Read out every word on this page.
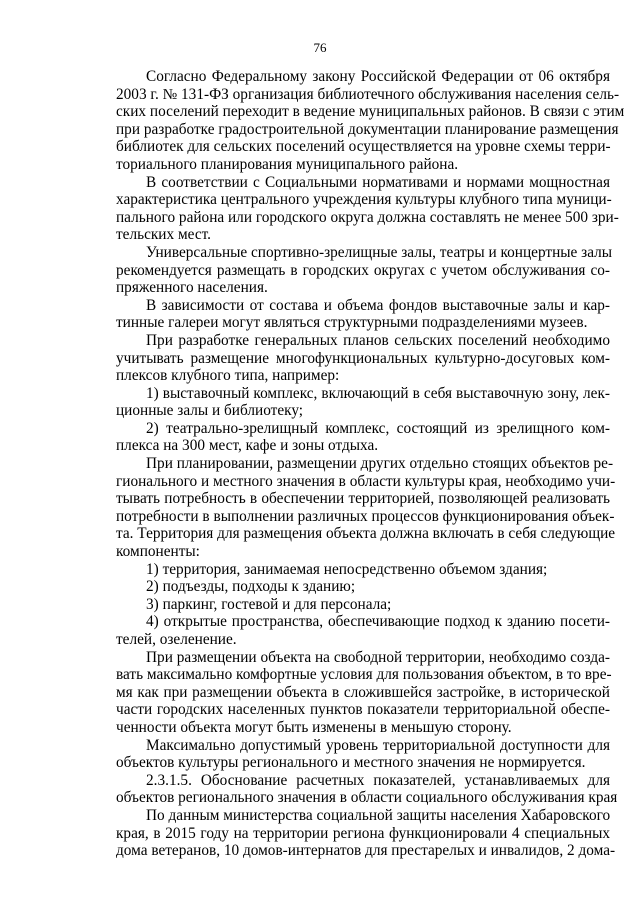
76
Согласно Федеральному закону Российской Федерации от 06 октября
2003 г. № 131-ФЗ организация библиотечного обслуживания населения сель-
ских поселений переходит в ведение муниципальных районов. В связи с этим
при разработке градостроительной документации планирование размещения
библиотек для сельских поселений осуществляется на уровне схемы терри-
ториального планирования муниципального района.
В соответствии с Социальными нормативами и нормами мощностная
характеристика центрального учреждения культуры клубного типа муници-
пального района или городского округа должна составлять не менее 500 зри-
тельских мест.
Универсальные спортивно-зрелищные залы, театры и концертные залы
рекомендуется размещать в городских округах с учетом обслуживания со-
пряженного населения.
В зависимости от состава и объема фондов выставочные залы и кар-
тинные галереи могут являться структурными подразделениями музеев.
При разработке генеральных планов сельских поселений необходимо
учитывать размещение многофункциональных культурно-досуговых ком-
плексов клубного типа, например:
1) выставочный комплекс, включающий в себя выставочную зону, лек-
ционные залы и библиотеку;
2) театрально-зрелищный комплекс, состоящий из зрелищного ком-
плекса на 300 мест, кафе и зоны отдыха.
При планировании, размещении других отдельно стоящих объектов ре-
гионального и местного значения в области культуры края, необходимо учи-
тывать потребность в обеспечении территорией, позволяющей реализовать
потребности в выполнении различных процессов функционирования объек-
та. Территория для размещения объекта должна включать в себя следующие
компоненты:
1) территория, занимаемая непосредственно объемом здания;
2) подъезды, подходы к зданию;
3) паркинг, гостевой и для персонала;
4) открытые пространства, обеспечивающие подход к зданию посети-
телей, озеленение.
При размещении объекта на свободной территории, необходимо созда-
вать максимально комфортные условия для пользования объектом, в то вре-
мя как при размещении объекта в сложившейся застройке, в исторической
части городских населенных пунктов показатели территориальной обеспе-
ченности объекта могут быть изменены в меньшую сторону.
Максимально допустимый уровень территориальной доступности для
объектов культуры регионального и местного значения не нормируется.
2.3.1.5. Обоснование расчетных показателей, устанавливаемых для
объектов регионального значения в области социального обслуживания края
По данным министерства социальной защиты населения Хабаровского
края, в 2015 году на территории региона функционировали 4 специальных
дома ветеранов, 10 домов-интернатов для престарелых и инвалидов, 2 дома-
